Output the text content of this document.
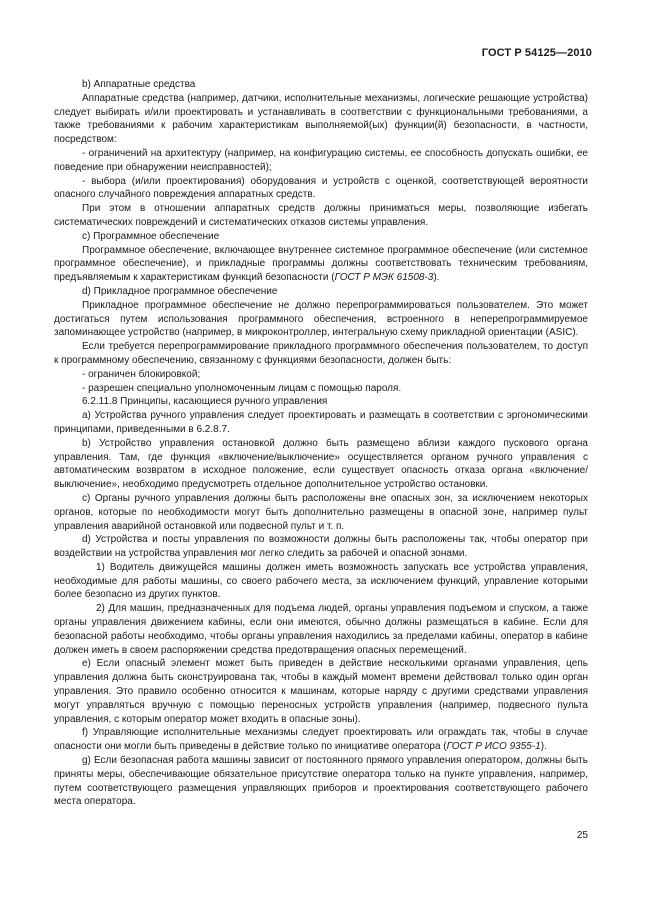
ГОСТ Р 54125—2010

b) Аппаратные средства

Аппаратные средства (например, датчики, исполнительные механизмы, логические решающие устройства) следует выбирать и/или проектировать и устанавливать в соответствии с функциональными требованиями, а также требованиями к рабочим характеристикам выполняемой(ых) функции(й) безопасности, в частности, посредством:

- ограничений на архитектуру (например, на конфигурацию системы, ее способность допускать ошибки, ее поведение при обнаружении неисправностей);

- выбора (и/или проектирования) оборудования и устройств с оценкой, соответствующей вероятности опасного случайного повреждения аппаратных средств.

При этом в отношении аппаратных средств должны приниматься меры, позволяющие избегать систематических повреждений и систематических отказов системы управления.

c) Программное обеспечение

Программное обеспечение, включающее внутреннее системное программное обеспечение (или системное программное обеспечение), и прикладные программы должны соответствовать техническим требованиям, предъявляемым к характеристикам функций безопасности (ГОСТ Р МЭК 61508-3).

d) Прикладное программное обеспечение

Прикладное программное обеспечение не должно перепрограммироваться пользователем. Это может достигаться путем использования программного обеспечения, встроенного в неперепрограммируемое запоминающее устройство (например, в микроконтроллер, интегральную схему прикладной ориентации (ASIC).

Если требуется перепрограммирование прикладного программного обеспечения пользователем, то доступ к программному обеспечению, связанному с функциями безопасности, должен быть:

- ограничен блокировкой;

- разрешен специально уполномоченным лицам с помощью пароля.

6.2.11.8 Принципы, касающиеся ручного управления

a) Устройства ручного управления следует проектировать и размещать в соответствии с эргономическими принципами, приведенными в 6.2.8.7.

b) Устройство управления остановкой должно быть размещено вблизи каждого пускового органа управления. Там, где функция «включение/выключение» осуществляется органом ручного управления с автоматическим возвратом в исходное положение, если существует опасность отказа органа «включение/выключение», необходимо предусмотреть отдельное дополнительное устройство остановки.

c) Органы ручного управления должны быть расположены вне опасных зон, за исключением некоторых органов, которые по необходимости могут быть дополнительно размещены в опасной зоне, например пульт управления аварийной остановкой или подвесной пульт и т. п.

d) Устройства и посты управления по возможности должны быть расположены так, чтобы оператор при воздействии на устройства управления мог легко следить за рабочей и опасной зонами.

1) Водитель движущейся машины должен иметь возможность запускать все устройства управления, необходимые для работы машины, со своего рабочего места, за исключением функций, управление которыми более безопасно из других пунктов.

2) Для машин, предназначенных для подъема людей, органы управления подъемом и спуском, а также органы управления движением кабины, если они имеются, обычно должны размещаться в кабине. Если для безопасной работы необходимо, чтобы органы управления находились за пределами кабины, оператор в кабине должен иметь в своем распоряжении средства предотвращения опасных перемещений.

e) Если опасный элемент может быть приведен в действие несколькими органами управления, цепь управления должна быть сконструирована так, чтобы в каждый момент времени действовал только один орган управления. Это правило особенно относится к машинам, которые наряду с другими средствами управления могут управляться вручную с помощью переносных устройств управления (например, подвесного пульта управления, с которым оператор может входить в опасные зоны).

f) Управляющие исполнительные механизмы следует проектировать или ограждать так, чтобы в случае опасности они могли быть приведены в действие только по инициативе оператора (ГОСТ Р ИСО 9355-1).

g) Если безопасная работа машины зависит от постоянного прямого управления оператором, должны быть приняты меры, обеспечивающие обязательное присутствие оператора только на пункте управления, например, путем соответствующего размещения управляющих приборов и проектирования соответствующего рабочего места оператора.

25
